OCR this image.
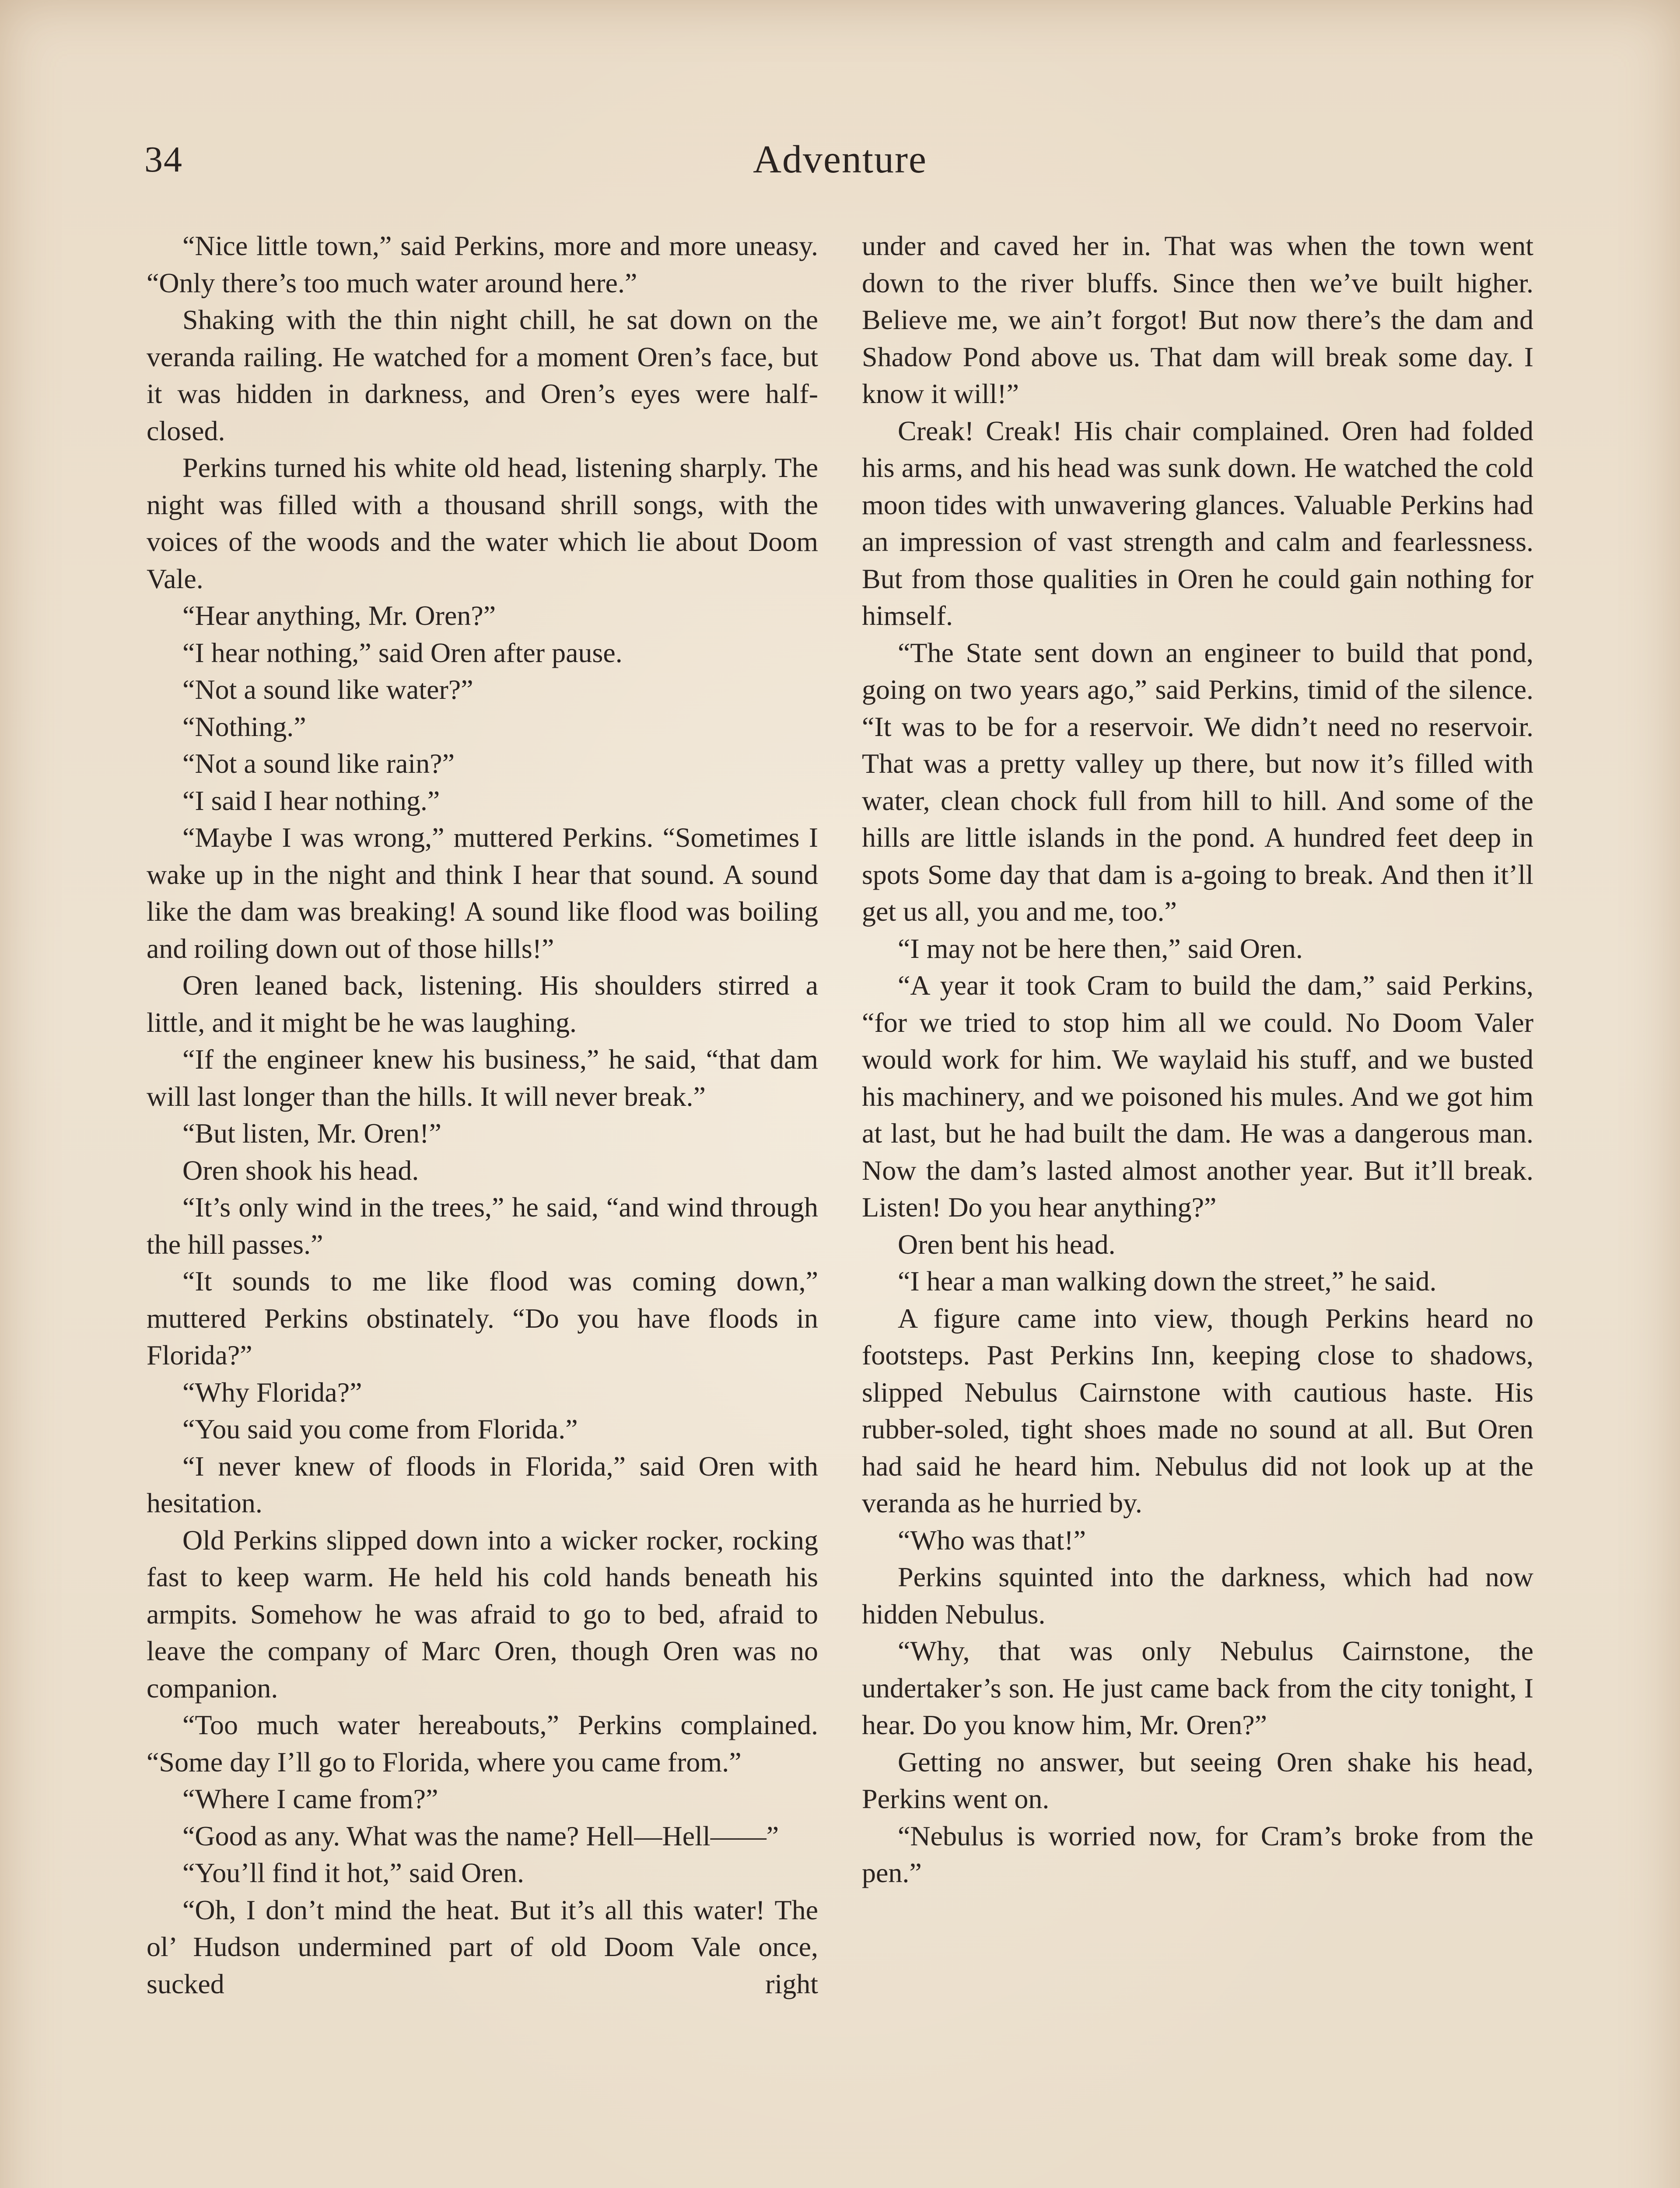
34	Adventure

“Nice little town,” said Perkins, more and more uneasy. “Only there’s too much water around here.”

Shaking with the thin night chill, he sat down on the veranda railing. He watched for a moment Oren’s face, but it was hidden in darkness, and Oren’s eyes were half-closed.

Perkins turned his white old head, listening sharply. The night was filled with a thousand shrill songs, with the voices of the woods and the water which lie about Doom Vale.

“Hear anything, Mr. Oren?”

“I hear nothing,” said Oren after pause.

“Not a sound like water?”

“Nothing.”

“Not a sound like rain?”

“I said I hear nothing.”

“Maybe I was wrong,” muttered Perkins. “Sometimes I wake up in the night and think I hear that sound. A sound like the dam was breaking! A sound like flood was boiling and roiling down out of those hills!”

Oren leaned back, listening. His shoulders stirred a little, and it might be he was laughing.

“If the engineer knew his business,” he said, “that dam will last longer than the hills. It will never break.”

“But listen, Mr. Oren!”

Oren shook his head.

“It’s only wind in the trees,” he said, “and wind through the hill passes.”

“It sounds to me like flood was coming down,” muttered Perkins obstinately. “Do you have floods in Florida?”

“Why Florida?”

“You said you come from Florida.”

“I never knew of floods in Florida,” said Oren with hesitation.

Old Perkins slipped down into a wicker rocker, rocking fast to keep warm. He held his cold hands beneath his armpits. Somehow he was afraid to go to bed, afraid to leave the company of Marc Oren, though Oren was no companion.

“Too much water hereabouts,” Perkins complained. “Some day I’ll go to Florida, where you came from.”

“Where I came from?”

“Good as any. What was the name? Hell—Hell——”

“You’ll find it hot,” said Oren.

“Oh, I don’t mind the heat. But it’s all this water! The ol’ Hudson undermined part of old Doom Vale once, sucked right

under and caved her in. That was when the town went down to the river bluffs. Since then we’ve built higher. Believe me, we ain’t forgot! But now there’s the dam and Shadow Pond above us. That dam will break some day. I know it will!”

Creak! Creak! His chair complained. Oren had folded his arms, and his head was sunk down. He watched the cold moon tides with unwavering glances. Valuable Perkins had an impression of vast strength and calm and fearlessness. But from those qualities in Oren he could gain nothing for himself.

“The State sent down an engineer to build that pond, going on two years ago,” said Perkins, timid of the silence. “It was to be for a reservoir. We didn’t need no reservoir. That was a pretty valley up there, but now it’s filled with water, clean chock full from hill to hill. And some of the hills are little islands in the pond. A hundred feet deep in spots Some day that dam is a-going to break. And then it’ll get us all, you and me, too.”

“I may not be here then,” said Oren.

“A year it took Cram to build the dam,” said Perkins, “for we tried to stop him all we could. No Doom Valer would work for him. We waylaid his stuff, and we busted his machinery, and we poisoned his mules. And we got him at last, but he had built the dam. He was a dangerous man. Now the dam’s lasted almost another year. But it’ll break. Listen! Do you hear anything?”

Oren bent his head.

“I hear a man walking down the street,” he said.

A figure came into view, though Perkins heard no footsteps. Past Perkins Inn, keeping close to shadows, slipped Nebulus Cairnstone with cautious haste. His rubber-soled, tight shoes made no sound at all. But Oren had said he heard him. Nebulus did not look up at the veranda as he hurried by.

“Who was that!”

Perkins squinted into the darkness, which had now hidden Nebulus.

“Why, that was only Nebulus Cairnstone, the undertaker’s son. He just came back from the city tonight, I hear. Do you know him, Mr. Oren?”

Getting no answer, but seeing Oren shake his head, Perkins went on.

“Nebulus is worried now, for Cram’s broke from the pen.”
